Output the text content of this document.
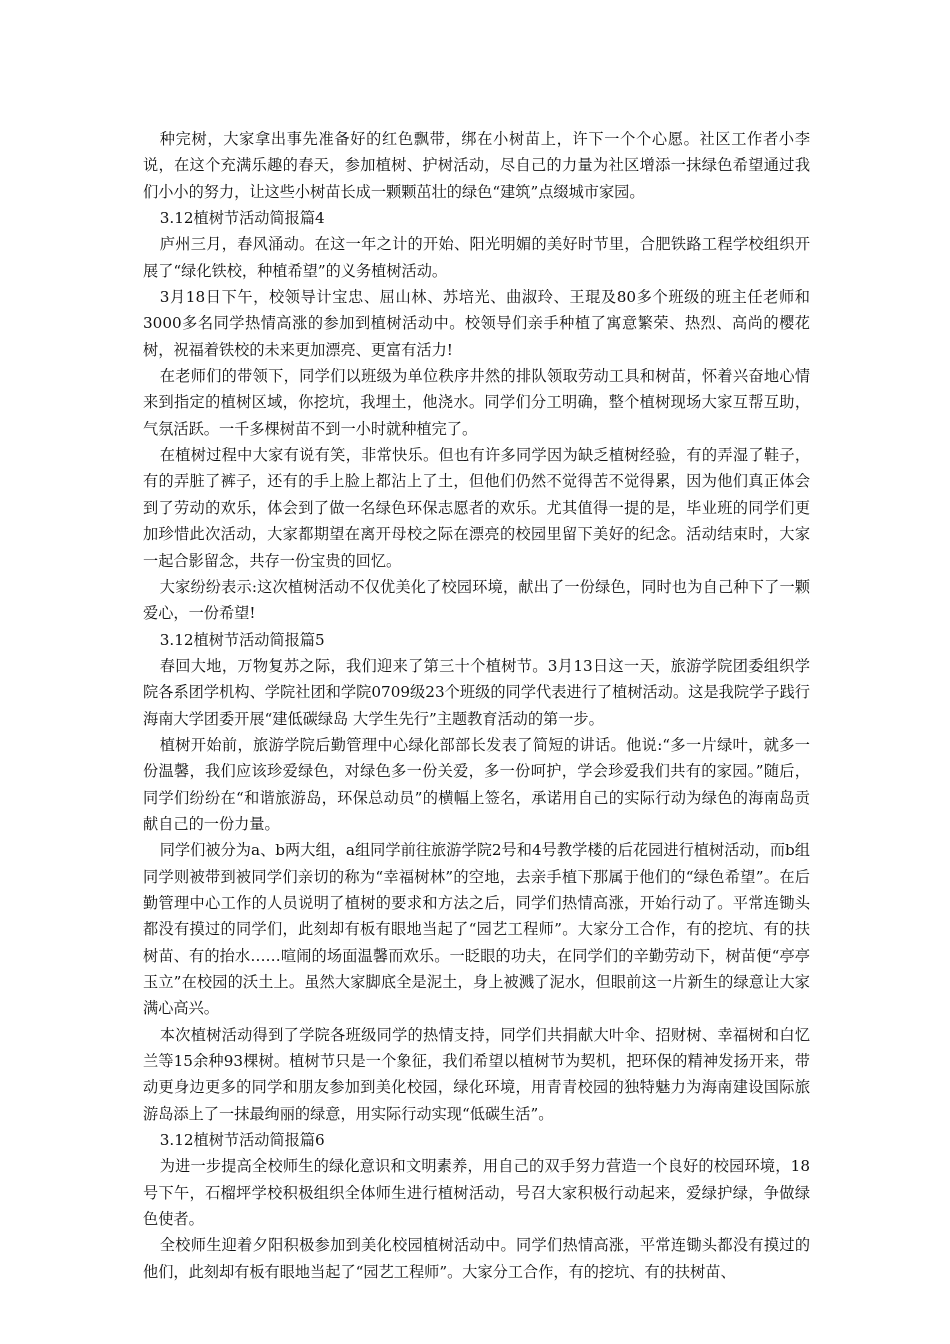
种完树，大家拿出事先准备好的红色飘带，绑在小树苗上，许下一个个心愿。社区工作者小李说，在这个充满乐趣的春天，参加植树、护树活动，尽自己的力量为社区增添一抹绿色希望通过我们小小的努力，让这些小树苗长成一颗颗茁壮的绿色“建筑”点缀城市家园。

3.12植树节活动简报篇4

庐州三月，春风涌动。在这一年之计的开始、阳光明媚的美好时节里，合肥铁路工程学校组织开展了“绿化铁校，种植希望”的义务植树活动。

3月18日下午，校领导计宝忠、屈山林、苏培光、曲淑玲、王琨及80多个班级的班主任老师和3000多名同学热情高涨的参加到植树活动中。校领导们亲手种植了寓意繁荣、热烈、高尚的樱花树，祝福着铁校的未来更加漂亮、更富有活力!

在老师们的带领下，同学们以班级为单位秩序井然的排队领取劳动工具和树苗，怀着兴奋地心情来到指定的植树区域，你挖坑，我埋土，他浇水。同学们分工明确，整个植树现场大家互帮互助，气氛活跃。一千多棵树苗不到一小时就种植完了。

在植树过程中大家有说有笑，非常快乐。但也有许多同学因为缺乏植树经验，有的弄湿了鞋子，有的弄脏了裤子，还有的手上脸上都沾上了土，但他们仍然不觉得苦不觉得累，因为他们真正体会到了劳动的欢乐，体会到了做一名绿色环保志愿者的欢乐。尤其值得一提的是，毕业班的同学们更加珍惜此次活动，大家都期望在离开母校之际在漂亮的校园里留下美好的纪念。活动结束时，大家一起合影留念，共存一份宝贵的回忆。

大家纷纷表示:这次植树活动不仅优美化了校园环境，献出了一份绿色，同时也为自己种下了一颗爱心，一份希望!

3.12植树节活动简报篇5

春回大地，万物复苏之际，我们迎来了第三十个植树节。3月13日这一天，旅游学院团委组织学院各系团学机构、学院社团和学院0709级23个班级的同学代表进行了植树活动。这是我院学子践行海南大学团委开展“建低碳绿岛 大学生先行”主题教育活动的第一步。

植树开始前，旅游学院后勤管理中心绿化部部长发表了简短的讲话。他说:“多一片绿叶，就多一份温馨，我们应该珍爱绿色，对绿色多一份关爱，多一份呵护，学会珍爱我们共有的家园。”随后，同学们纷纷在“和谐旅游岛，环保总动员”的横幅上签名，承诺用自己的实际行动为绿色的海南岛贡献自己的一份力量。

同学们被分为a、b两大组，a组同学前往旅游学院2号和4号教学楼的后花园进行植树活动，而b组同学则被带到被同学们亲切的称为“幸福树林”的空地，去亲手植下那属于他们的“绿色希望”。在后勤管理中心工作的人员说明了植树的要求和方法之后，同学们热情高涨，开始行动了。平常连锄头都没有摸过的同学们，此刻却有板有眼地当起了“园艺工程师”。大家分工合作，有的挖坑、有的扶树苗、有的抬水……喧闹的场面温馨而欢乐。一眨眼的功夫，在同学们的辛勤劳动下，树苗便“亭亭玉立”在校园的沃土上。虽然大家脚底全是泥土，身上被溅了泥水，但眼前这一片新生的绿意让大家满心高兴。

本次植树活动得到了学院各班级同学的热情支持，同学们共捐献大叶伞、招财树、幸福树和白忆兰等15余种93棵树。植树节只是一个象征，我们希望以植树节为契机，把环保的精神发扬开来，带动更身边更多的同学和朋友参加到美化校园，绿化环境，用青青校园的独特魅力为海南建设国际旅游岛添上了一抹最绚丽的绿意，用实际行动实现“低碳生活”。

3.12植树节活动简报篇6

为进一步提高全校师生的绿化意识和文明素养，用自己的双手努力营造一个良好的校园环境，18号下午，石榴坪学校积极组织全体师生进行植树活动，号召大家积极行动起来，爱绿护绿，争做绿色使者。

全校师生迎着夕阳积极参加到美化校园植树活动中。同学们热情高涨，平常连锄头都没有摸过的他们，此刻却有板有眼地当起了“园艺工程师”。大家分工合作，有的挖坑、有的扶树苗、
